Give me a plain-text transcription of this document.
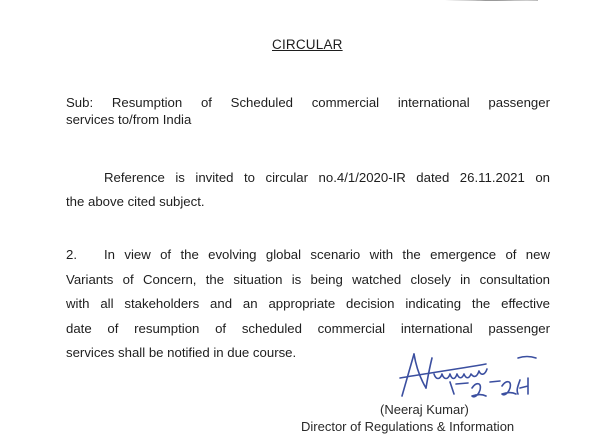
CIRCULAR
Sub: Resumption of Scheduled commercial international passenger
services to/from India
Reference is invited to circular no.4/1/2020-IR dated 26.11.2021 on
the above cited subject.
2. In view of the evolving global scenario with the emergence of new
Variants of Concern, the situation is being watched closely in consultation
with all stakeholders and an appropriate decision indicating the effective
date of resumption of scheduled commercial international passenger
services shall be notified in due course.
(Neeraj Kumar)
Director of Regulations & Information
